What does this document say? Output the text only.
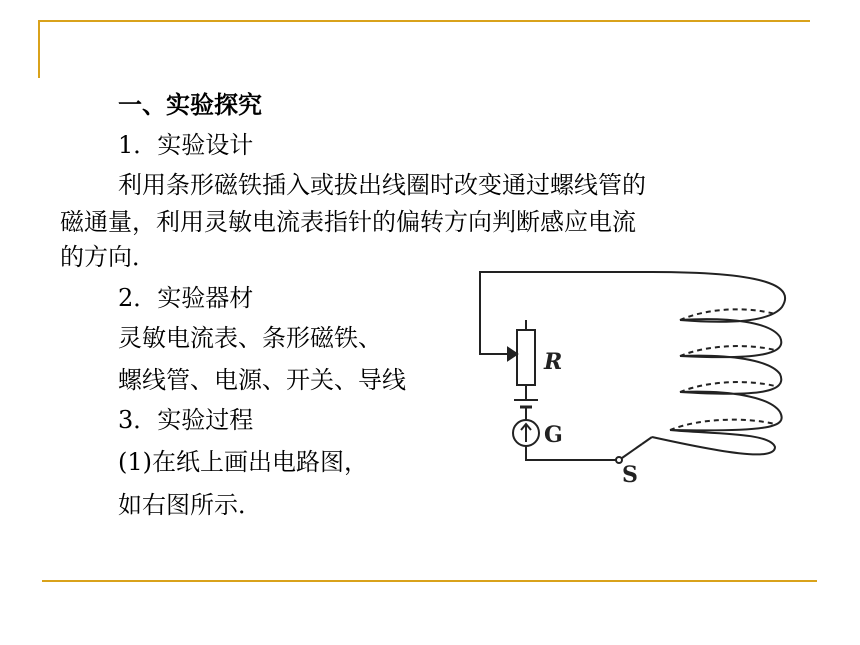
一、实验探究
1．实验设计
利用条形磁铁插入或拔出线圈时改变通过螺线管的
磁通量，利用灵敏电流表指针的偏转方向判断感应电流
的方向．
2．实验器材
灵敏电流表、条形磁铁、
螺线管、电源、开关、导线
3．实验过程
(1)在纸上画出电路图，
如右图所示．
R
G
S
